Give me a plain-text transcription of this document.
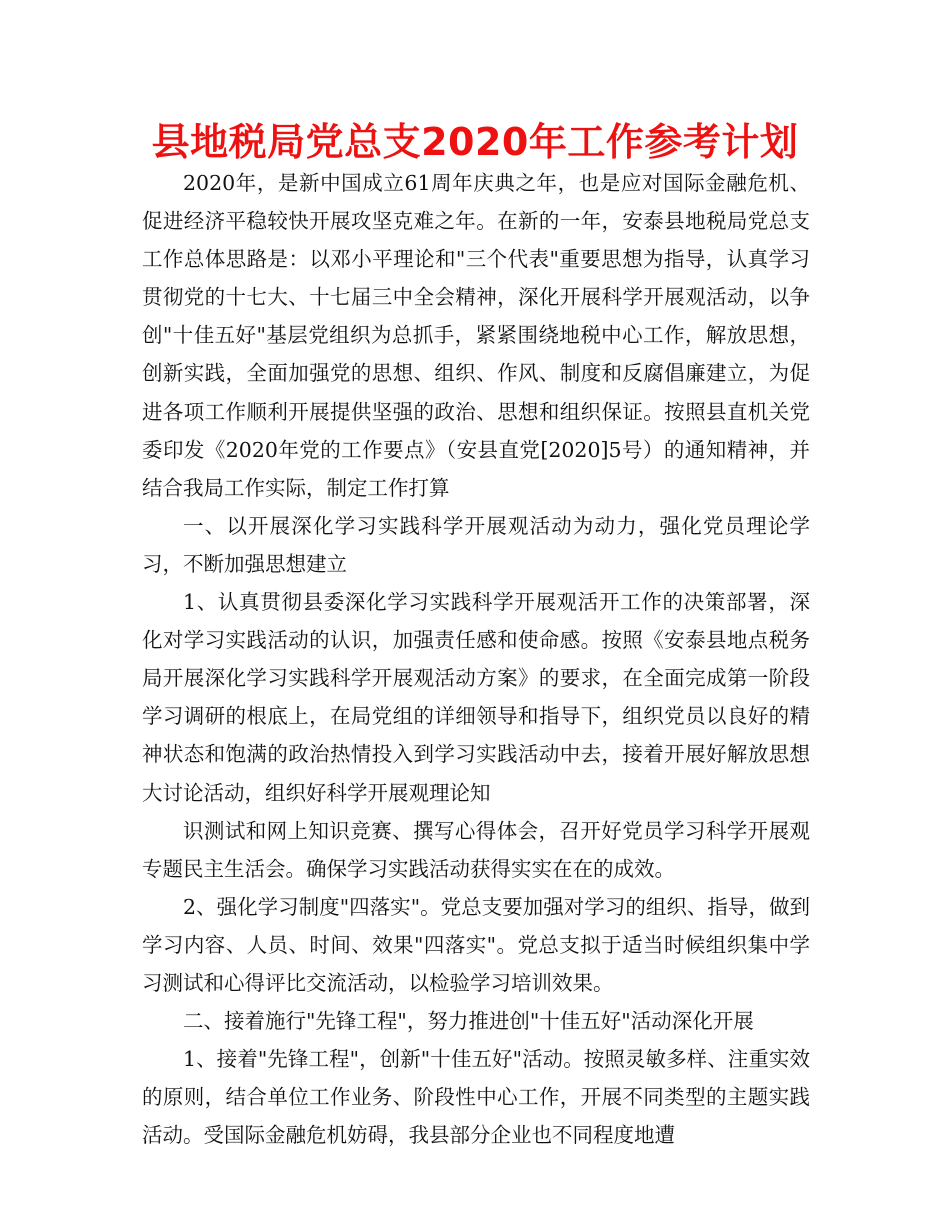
县地税局党总支2020年工作参考计划

2020年，是新中国成立61周年庆典之年，也是应对国际金融危机、促进经济平稳较快开展攻坚克难之年。在新的一年，安泰县地税局党总支工作总体思路是：以邓小平理论和"三个代表"重要思想为指导，认真学习贯彻党的十七大、十七届三中全会精神，深化开展科学开展观活动，以争创"十佳五好"基层党组织为总抓手，紧紧围绕地税中心工作，解放思想，创新实践，全面加强党的思想、组织、作风、制度和反腐倡廉建立，为促进各项工作顺利开展提供坚强的政治、思想和组织保证。按照县直机关党委印发《2020年党的工作要点》（安县直党[2020]5号）的通知精神，并结合我局工作实际，制定工作打算

一、以开展深化学习实践科学开展观活动为动力，强化党员理论学习，不断加强思想建立

1、认真贯彻县委深化学习实践科学开展观活开工作的决策部署，深化对学习实践活动的认识，加强责任感和使命感。按照《安泰县地点税务局开展深化学习实践科学开展观活动方案》的要求，在全面完成第一阶段学习调研的根底上，在局党组的详细领导和指导下，组织党员以良好的精神状态和饱满的政治热情投入到学习实践活动中去，接着开展好解放思想大讨论活动，组织好科学开展观理论知

识测试和网上知识竞赛、撰写心得体会，召开好党员学习科学开展观专题民主生活会。确保学习实践活动获得实实在在的成效。

2、强化学习制度"四落实"。党总支要加强对学习的组织、指导，做到学习内容、人员、时间、效果"四落实"。党总支拟于适当时候组织集中学习测试和心得评比交流活动，以检验学习培训效果。

二、接着施行"先锋工程"，努力推进创"十佳五好"活动深化开展

1、接着"先锋工程"，创新"十佳五好"活动。按照灵敏多样、注重实效的原则，结合单位工作业务、阶段性中心工作，开展不同类型的主题实践活动。受国际金融危机妨碍，我县部分企业也不同程度地遭
